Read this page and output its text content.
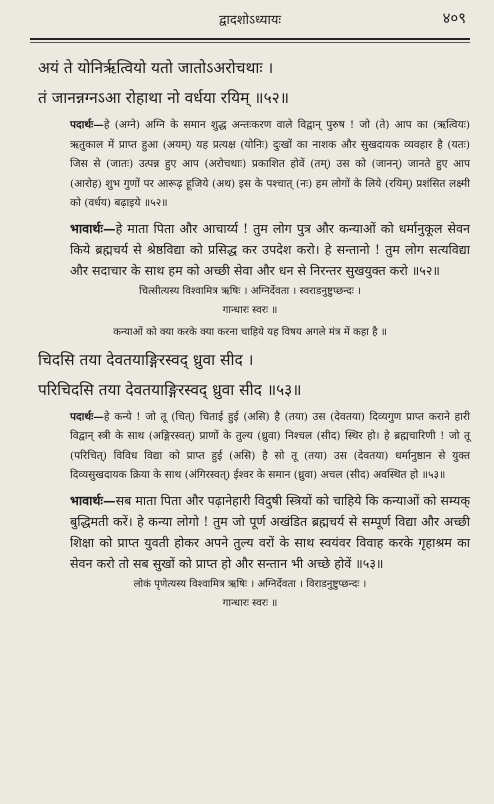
द्वादशोऽध्यायः	४०९
अयं ते योनिर्ऋत्वियो यतो जातोऽअरोचथाः ।
तं जानन्नग्नऽआ रोहाथा नो वर्धया रयिम् ॥५२॥

पदार्थः—हे (अग्ने) अग्नि के समान शुद्ध अन्तःकरण वाले विद्वान् पुरुष ! जो (ते) आप का (ऋत्वियः) ऋतुकाल में प्राप्त हुआ (अयम्) यह प्रत्यक्ष (योनिः) दुःखों का नाशक और सुखदायक व्यवहार है (यतः) जिस से (जातः) उत्पन्न हुए आप (अरोचथाः) प्रकाशित होवें (तम्) उस को (जानन्) जानते हुए आप (आरोह) शुभ गुणों पर आरूढ़ हूजिये (अथ) इस के पश्चात् (नः) हम लोगों के लिये (रयिम्) प्रशंसित लक्ष्मी को (वर्धय) बढ़ाइये ॥५२॥

भावार्थः—हे माता पिता और आचार्य्य ! तुम लोग पुत्र और कन्याओं को धर्मानुकूल सेवन किये ब्रह्मचर्य से श्रेष्ठविद्या को प्रसिद्ध कर उपदेश करो। हे सन्तानो ! तुम लोग सत्यविद्या और सदाचार के साथ हम को अच्छी सेवा और धन से निरन्तर सुखयुक्त करो ॥५२॥

चित्सीत्यस्य विश्वामित्र ऋषिः । अग्निर्देवता । स्वराडनुष्टुप्छन्दः ।
गान्धारः स्वरः ॥
कन्याओं को क्या करके क्या करना चाहिये यह विषय अगले मंत्र में कहा है ॥
चिदसि तया देवतयाङ्गिरस्वद् ध्रुवा सीद ।
परिचिदसि तया देवतयाङ्गिरस्वद् ध्रुवा सीद ॥५३॥

पदार्थः—हे कन्ये ! जो तू (चित्) चिताई हुई (असि) है (तया) उस (देवतया) दिव्यगुण प्राप्त कराने हारी विद्वान् स्त्री के साथ (अङ्गिरस्वत्) प्राणों के तुल्य (ध्रुवा) निश्चल (सीद) स्थिर हो। हे ब्रह्मचारिणी ! जो तू (परिचित्) विविध विद्या को प्राप्त हुई (असि) है सो तू (तया) उस (देवतया) धर्मानुष्ठान से युक्त दिव्यसुखदायक क्रिया के साथ (अंगिरस्वत्) ईश्वर के समान (ध्रुवा) अचल (सीद) अवस्थित हो ॥५३॥

भावार्थः—सब माता पिता और पढ़ानेहारी विदुषी स्त्रियों को चाहिये कि कन्याओं को सम्यक् बुद्धिमती करें। हे कन्या लोगो ! तुम जो पूर्ण अखंडित ब्रह्मचर्य से सम्पूर्ण विद्या और अच्छी शिक्षा को प्राप्त युवती होकर अपने तुल्य वरों के साथ स्वयंवर विवाह करके गृहाश्रम का सेवन करो तो सब सुखों को प्राप्त हो और सन्तान भी अच्छे होवें ॥५३॥

लोकं पृणेत्यस्य विश्वामित्र ऋषिः । अग्निर्देवता । विराडनुष्टुप्छन्दः ।
गान्धारः स्वरः ॥
